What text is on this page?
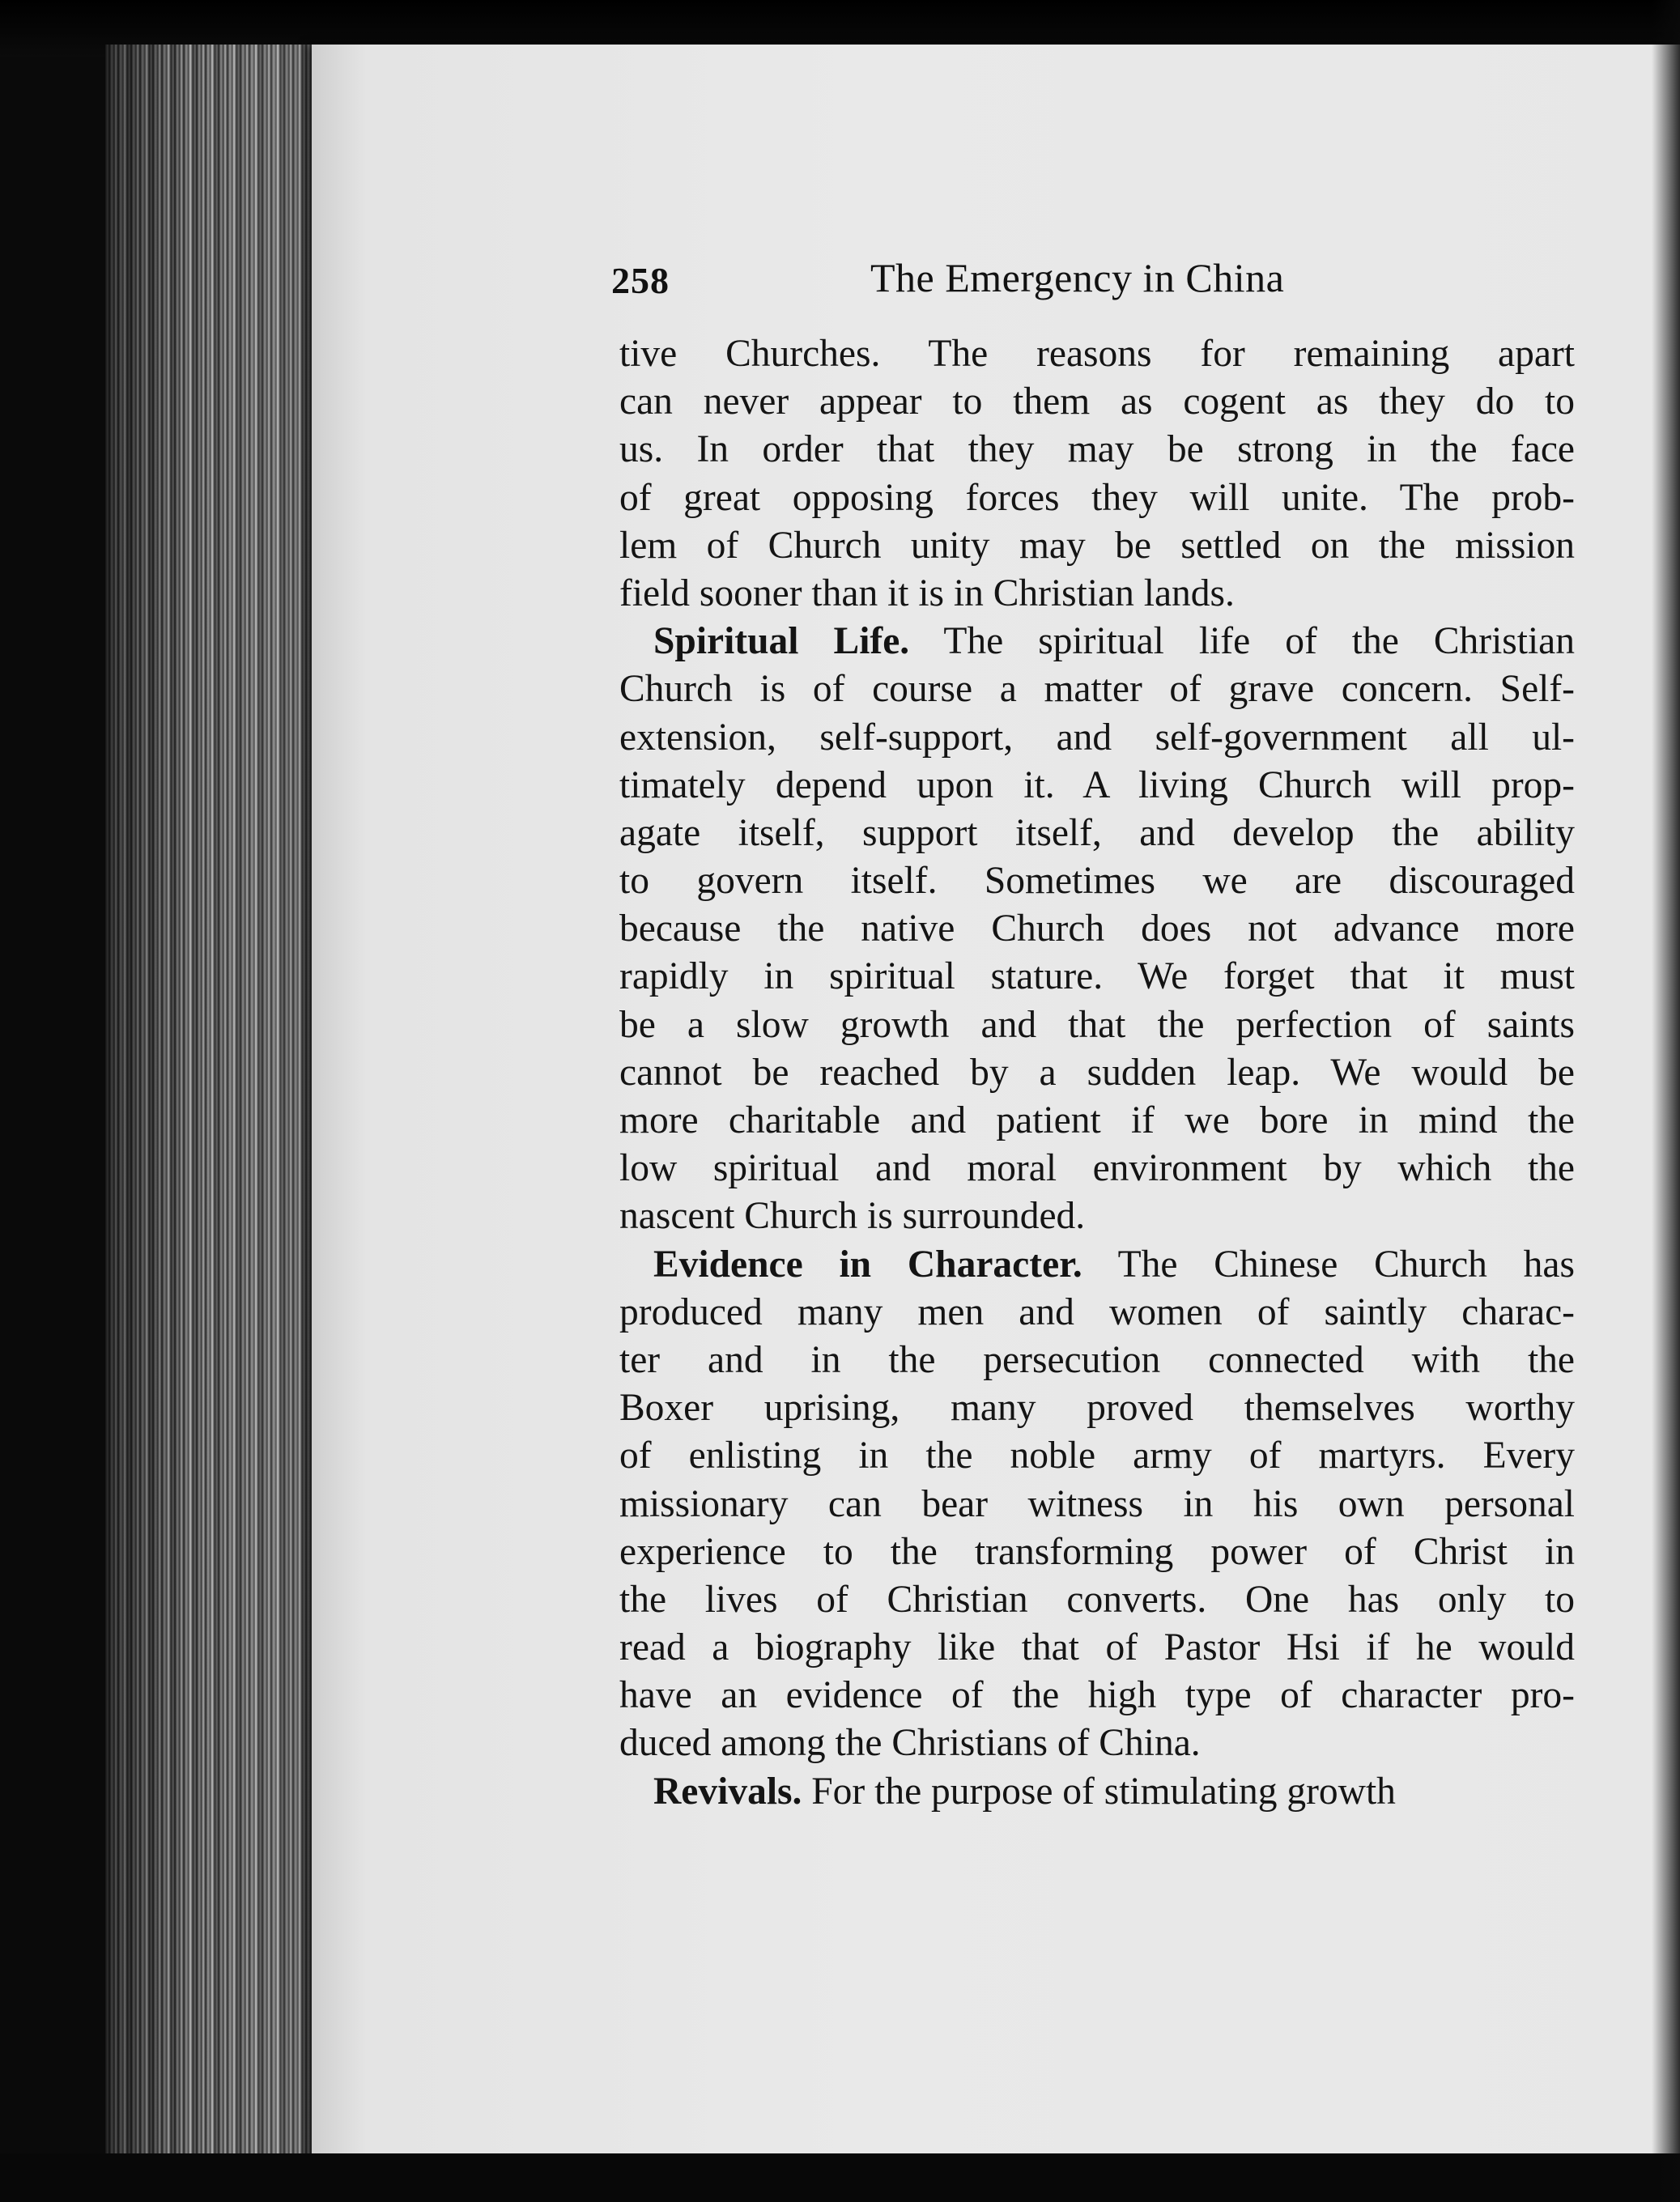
258	The Emergency in China
tive Churches. The reasons for remaining apart
can never appear to them as cogent as they do to
us. In order that they may be strong in the face
of great opposing forces they will unite. The prob-
lem of Church unity may be settled on the mission
field sooner than it is in Christian lands.
Spiritual Life. The spiritual life of the Christian
Church is of course a matter of grave concern. Self-
extension, self-support, and self-government all ul-
timately depend upon it. A living Church will prop-
agate itself, support itself, and develop the ability
to govern itself. Sometimes we are discouraged
because the native Church does not advance more
rapidly in spiritual stature. We forget that it must
be a slow growth and that the perfection of saints
cannot be reached by a sudden leap. We would be
more charitable and patient if we bore in mind the
low spiritual and moral environment by which the
nascent Church is surrounded.
Evidence in Character. The Chinese Church has
produced many men and women of saintly charac-
ter and in the persecution connected with the
Boxer uprising, many proved themselves worthy
of enlisting in the noble army of martyrs. Every
missionary can bear witness in his own personal
experience to the transforming power of Christ in
the lives of Christian converts. One has only to
read a biography like that of Pastor Hsi if he would
have an evidence of the high type of character pro-
duced among the Christians of China.
Revivals. For the purpose of stimulating growth
